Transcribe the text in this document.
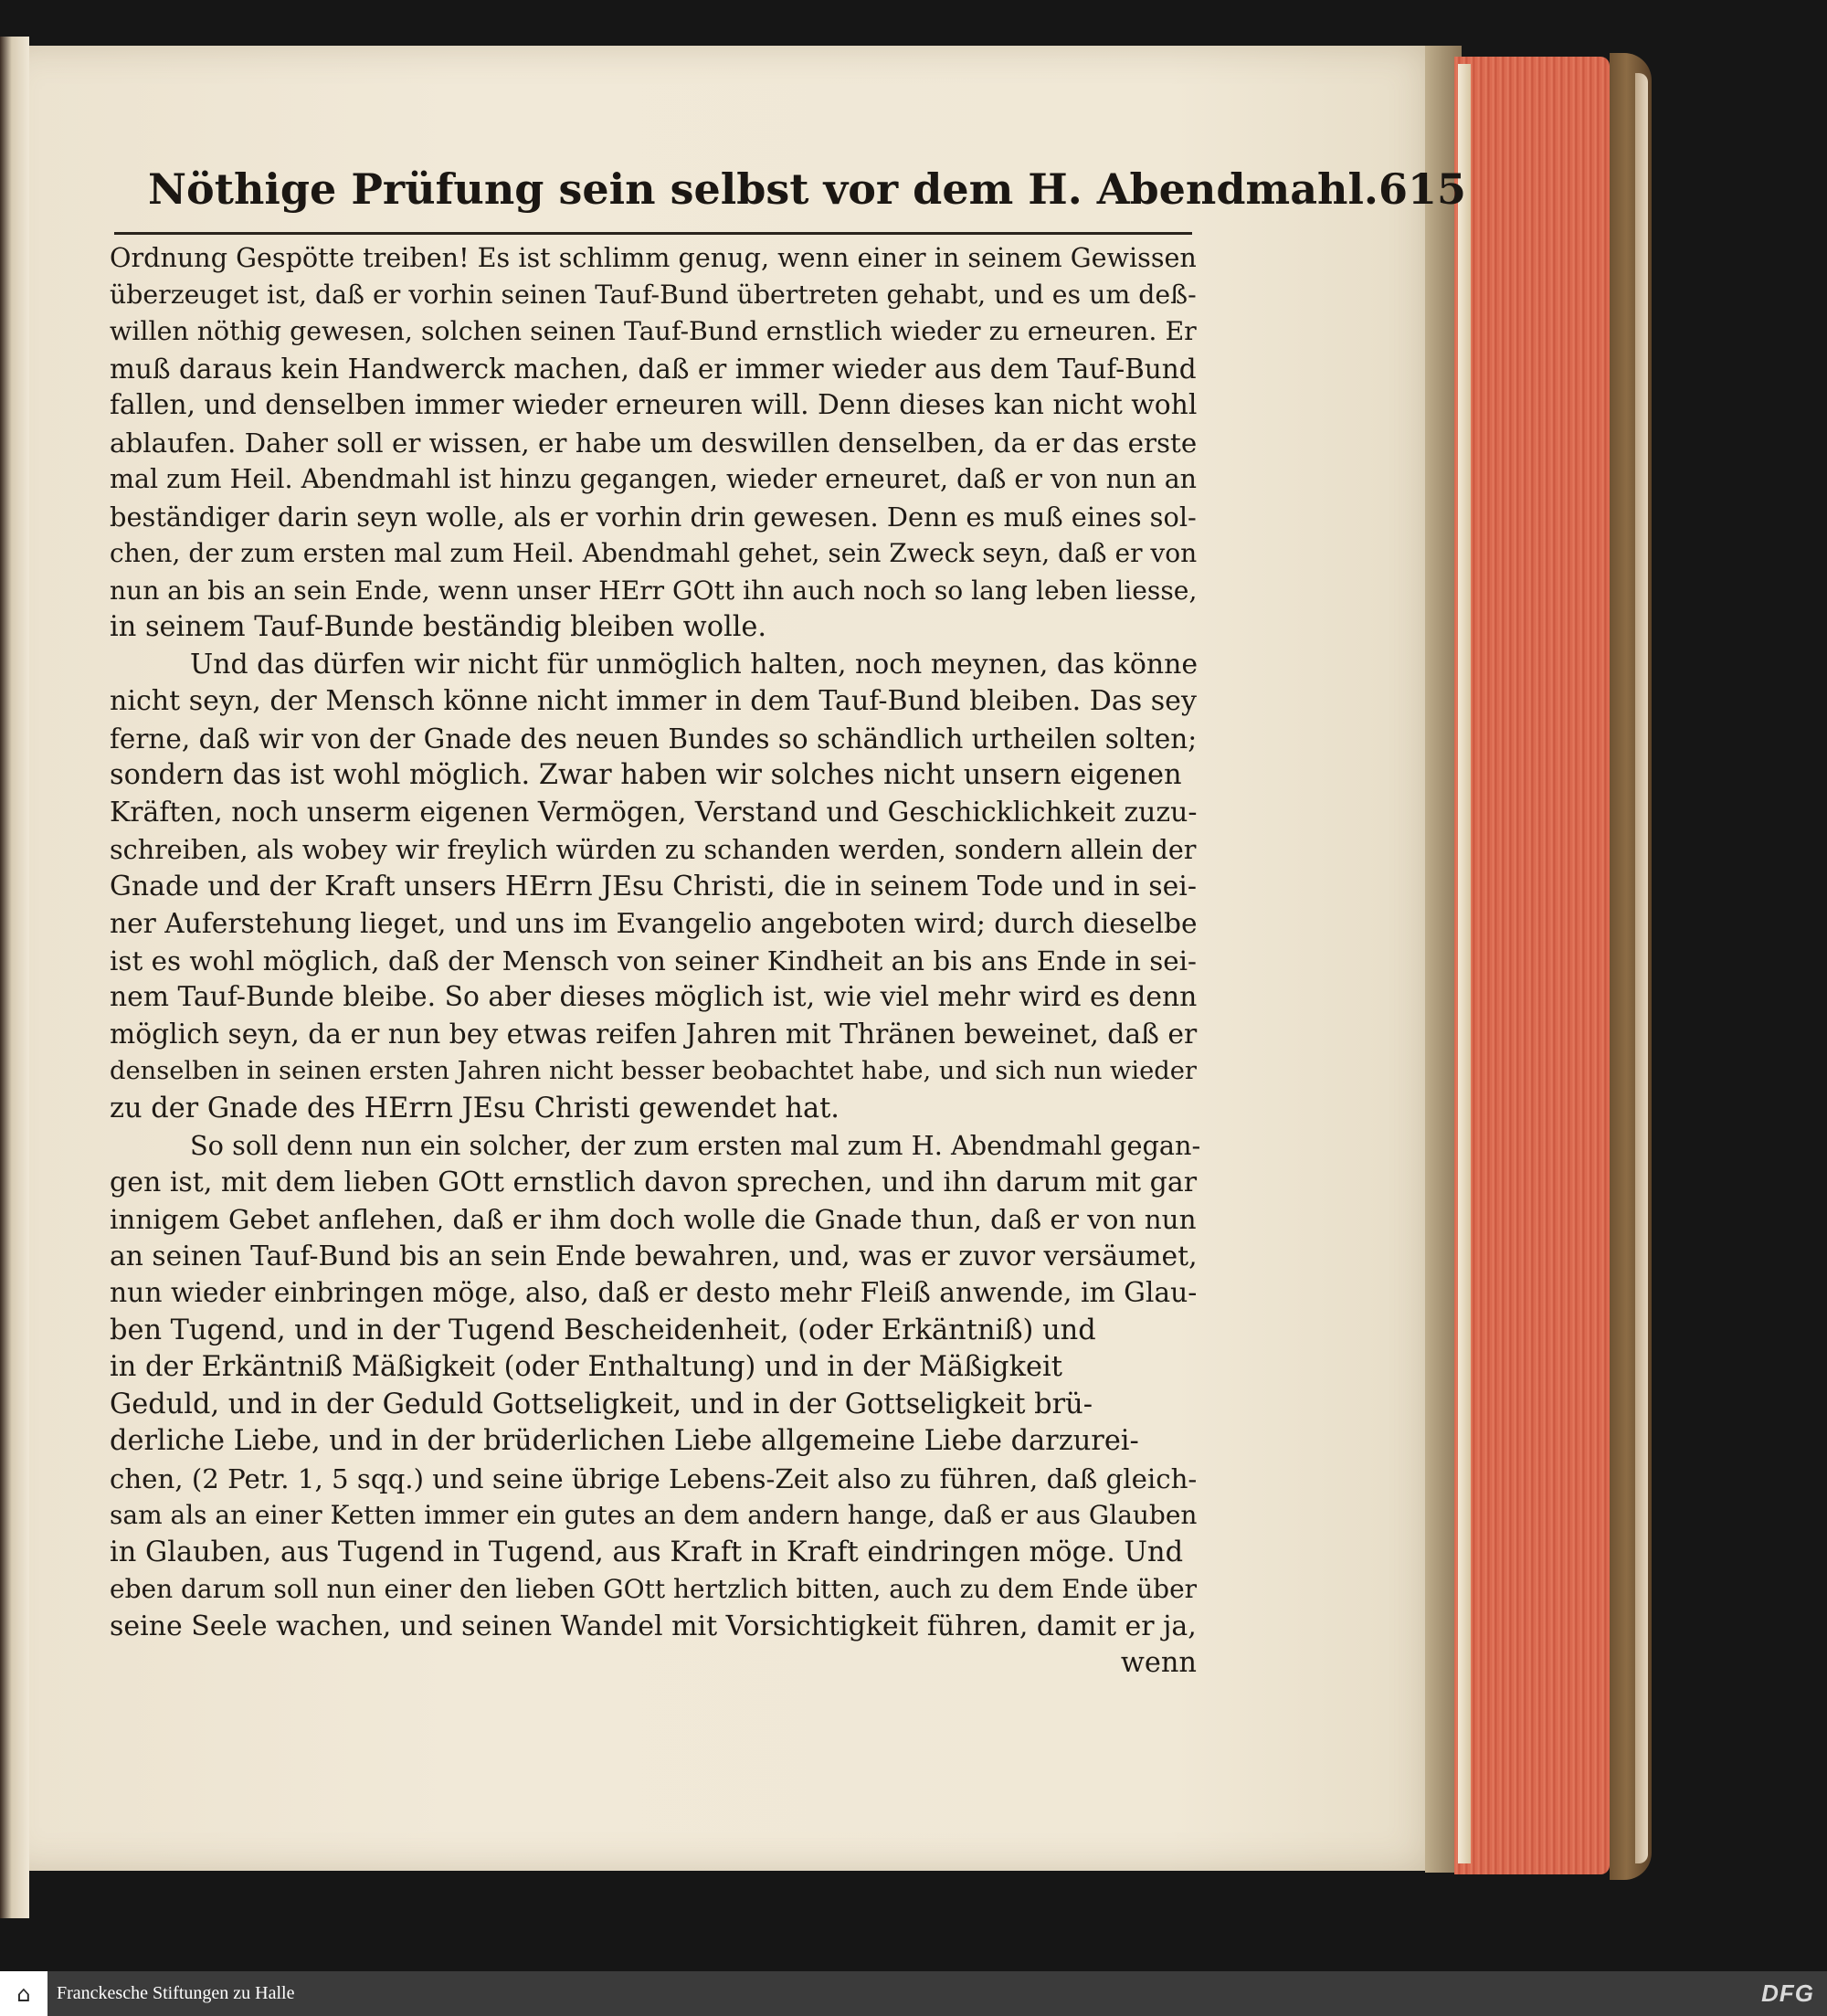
Nöthige Prüfung sein selbst vor dem H. Abendmahl. 615
Ordnung Gespötte treiben! Es ist schlimm genug, wenn einer in seinem Gewissen
überzeuget ist, daß er vorhin seinen Tauf-Bund übertreten gehabt, und es um deß-
willen nöthig gewesen, solchen seinen Tauf-Bund ernstlich wieder zu erneuren. Er
muß daraus kein Handwerck machen, daß er immer wieder aus dem Tauf-Bund
fallen, und denselben immer wieder erneuren will. Denn dieses kan nicht wohl
ablaufen. Daher soll er wissen, er habe um deswillen denselben, da er das erste
mal zum Heil. Abendmahl ist hinzu gegangen, wieder erneuret, daß er von nun an
beständiger darin seyn wolle, als er vorhin drin gewesen. Denn es muß eines sol-
chen, der zum ersten mal zum Heil. Abendmahl gehet, sein Zweck seyn, daß er von
nun an bis an sein Ende, wenn unser HErr GOtt ihn auch noch so lang leben liesse,
in seinem Tauf-Bunde beständig bleiben wolle.
Und das dürfen wir nicht für unmöglich halten, noch meynen, das könne
nicht seyn, der Mensch könne nicht immer in dem Tauf-Bund bleiben. Das sey
ferne, daß wir von der Gnade des neuen Bundes so schändlich urtheilen solten;
sondern das ist wohl möglich. Zwar haben wir solches nicht unsern eigenen
Kräften, noch unserm eigenen Vermögen, Verstand und Geschicklichkeit zuzu-
schreiben, als wobey wir freylich würden zu schanden werden, sondern allein der
Gnade und der Kraft unsers HErrn JEsu Christi, die in seinem Tode und in sei-
ner Auferstehung lieget, und uns im Evangelio angeboten wird; durch dieselbe
ist es wohl möglich, daß der Mensch von seiner Kindheit an bis ans Ende in sei-
nem Tauf-Bunde bleibe. So aber dieses möglich ist, wie viel mehr wird es denn
möglich seyn, da er nun bey etwas reifen Jahren mit Thränen beweinet, daß er
denselben in seinen ersten Jahren nicht besser beobachtet habe, und sich nun wieder
zu der Gnade des HErrn JEsu Christi gewendet hat.
So soll denn nun ein solcher, der zum ersten mal zum H. Abendmahl gegan-
gen ist, mit dem lieben GOtt ernstlich davon sprechen, und ihn darum mit gar
innigem Gebet anflehen, daß er ihm doch wolle die Gnade thun, daß er von nun
an seinen Tauf-Bund bis an sein Ende bewahren, und, was er zuvor versäumet,
nun wieder einbringen möge, also, daß er desto mehr Fleiß anwende, im Glau-
ben Tugend, und in der Tugend Bescheidenheit, (oder Erkäntniß) und
in der Erkäntniß Mäßigkeit (oder Enthaltung) und in der Mäßigkeit
Geduld, und in der Geduld Gottseligkeit, und in der Gottseligkeit brü-
derliche Liebe, und in der brüderlichen Liebe allgemeine Liebe darzurei-
chen, (2 Petr. 1, 5 sqq.) und seine übrige Lebens-Zeit also zu führen, daß gleich-
sam als an einer Ketten immer ein gutes an dem andern hange, daß er aus Glauben
in Glauben, aus Tugend in Tugend, aus Kraft in Kraft eindringen möge. Und
eben darum soll nun einer den lieben GOtt hertzlich bitten, auch zu dem Ende über
seine Seele wachen, und seinen Wandel mit Vorsichtigkeit führen, damit er ja,
wenn
⌂ Franckesche Stiftungen zu Halle	DFG
